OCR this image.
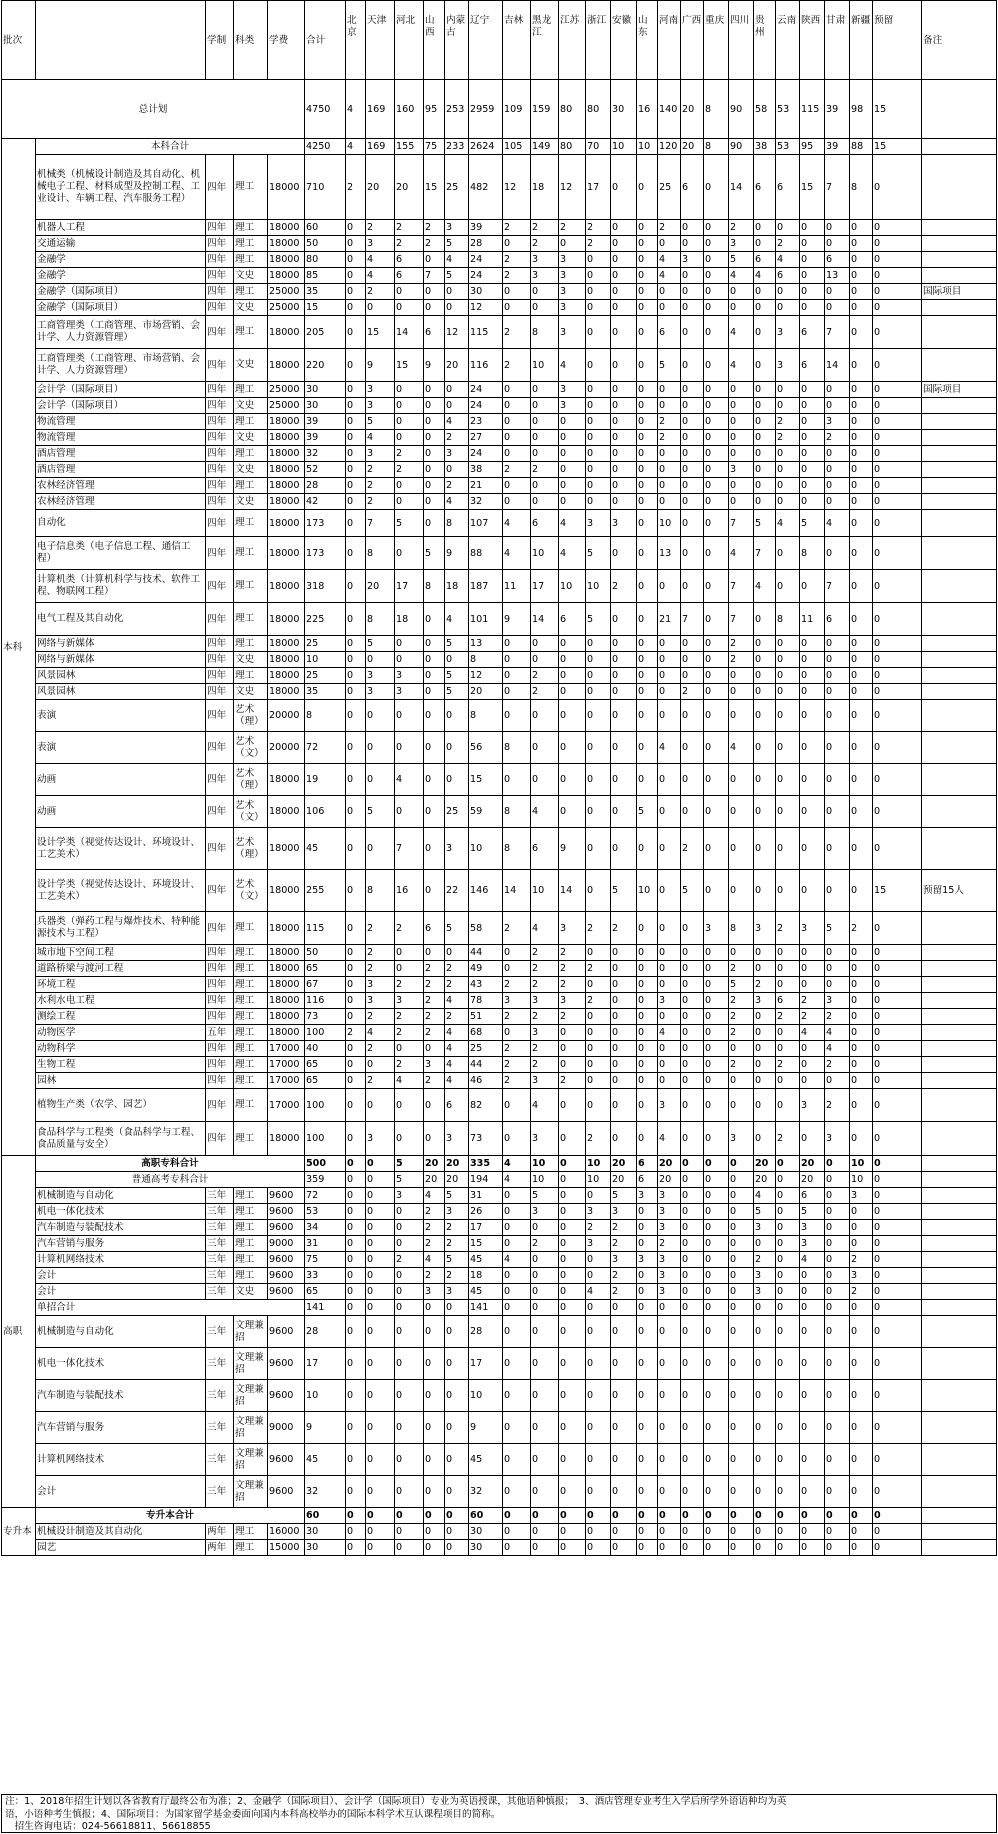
批次		学制	科类	学费	合计	北京	天津	河北	山西	内蒙古	辽宁	吉林	黑龙江	江苏	浙江	安徽	山东	河南	广西	重庆	四川	贵州	云南	陕西	甘肃	新疆	预留	备注
总计划					4750	4	169	160	95	253	2959	109	159	80	80	30	16	140	20	8	90	58	53	115	39	98	15	
本科	本科合计				4250	4	169	155	75	233	2624	105	149	80	70	10	10	120	20	8	90	38	53	95	39	88	15	
	机械类（机械设计制造及其自动化、机械电子工程、材料成型及控制工程、工业设计、车辆工程、汽车服务工程）	四年	理工	18000	710	2	20	20	15	25	482	12	18	12	17	0	0	25	6	0	14	6	6	15	7	8	0	
	机器人工程	四年	理工	18000	60	0	2	2	2	3	39	2	2	2	2	0	0	2	0	0	2	0	0	0	0	0	0	
	交通运输	四年	理工	18000	50	0	3	2	2	5	28	0	2	0	2	0	0	0	0	0	3	0	2	0	0	0	0	
	金融学	四年	理工	18000	80	0	4	6	0	4	24	2	3	3	0	0	0	4	3	0	5	6	4	0	6	0	0	
	金融学	四年	文史	18000	85	0	4	6	7	5	24	2	3	3	0	0	0	4	0	0	4	4	6	0	13	0	0	
	金融学（国际项目）	四年	理工	25000	35	0	2	0	0	0	30	0	0	3	0	0	0	0	0	0	0	0	0	0	0	0	0	国际项目
	金融学（国际项目）	四年	文史	25000	15	0	0	0	0	0	12	0	0	3	0	0	0	0	0	0	0	0	0	0	0	0	0	
	工商管理类（工商管理、市场营销、会计学、人力资源管理）	四年	理工	18000	205	0	15	14	6	12	115	2	8	3	0	0	0	6	0	0	4	0	3	6	7	0	0	
	工商管理类（工商管理、市场营销、会计学、人力资源管理）	四年	文史	18000	220	0	9	15	9	20	116	2	10	4	0	0	0	5	0	0	4	0	3	6	14	0	0	
	会计学（国际项目）	四年	理工	25000	30	0	3	0	0	0	24	0	0	3	0	0	0	0	0	0	0	0	0	0	0	0	0	国际项目
	会计学（国际项目）	四年	文史	25000	30	0	3	0	0	0	24	0	0	3	0	0	0	0	0	0	0	0	0	0	0	0	0	
	物流管理	四年	理工	18000	39	0	5	0	0	4	23	0	0	0	0	0	0	2	0	0	0	0	2	0	3	0	0	
	物流管理	四年	文史	18000	39	0	4	0	0	2	27	0	0	0	0	0	0	2	0	0	0	0	2	0	2	0	0	
	酒店管理	四年	理工	18000	32	0	3	2	0	3	24	0	0	0	0	0	0	0	0	0	0	0	0	0	0	0	0	
	酒店管理	四年	文史	18000	52	0	2	2	0	0	38	2	2	0	0	0	0	0	0	0	3	0	0	0	0	0	0	
	农林经济管理	四年	理工	18000	28	0	2	0	0	2	21	0	0	0	0	0	0	0	0	0	0	0	0	0	0	0	0	
	农林经济管理	四年	文史	18000	42	0	2	0	0	4	32	0	0	0	0	0	0	0	0	0	0	0	0	0	0	0	0	
	自动化	四年	理工	18000	173	0	7	5	0	8	107	4	6	4	3	3	0	10	0	0	7	5	4	5	4	0	0	
	电子信息类（电子信息工程、通信工程）	四年	理工	18000	173	0	8	0	5	9	88	4	10	4	5	0	0	13	0	0	4	7	0	8	0	0	0	
	计算机类（计算机科学与技术、软件工程、物联网工程）	四年	理工	18000	318	0	20	17	8	18	187	11	17	10	10	2	0	0	0	0	7	4	0	0	7	0	0	
	电气工程及其自动化	四年	理工	18000	225	0	8	18	0	4	101	9	14	6	5	0	0	21	7	0	7	0	8	11	6	0	0	
	网络与新媒体	四年	理工	18000	25	0	5	0	0	5	13	0	0	0	0	0	0	0	0	0	2	0	0	0	0	0	0	
	网络与新媒体	四年	文史	18000	10	0	0	0	0	0	8	0	0	0	0	0	0	0	0	0	2	0	0	0	0	0	0	
	风景园林	四年	理工	18000	25	0	3	3	0	5	12	0	2	0	0	0	0	0	0	0	0	0	0	0	0	0	0	
	风景园林	四年	文史	18000	35	0	3	3	0	5	20	0	2	0	0	0	0	0	2	0	0	0	0	0	0	0	0	
	表演	四年	艺术（理）	20000	8	0	0	0	0	0	8	0	0	0	0	0	0	0	0	0	0	0	0	0	0	0	0	
	表演	四年	艺术（文）	20000	72	0	0	0	0	0	56	8	0	0	0	0	0	4	0	0	4	0	0	0	0	0	0	
	动画	四年	艺术（理）	18000	19	0	0	4	0	0	15	0	0	0	0	0	0	0	0	0	0	0	0	0	0	0	0	
	动画	四年	艺术（文）	18000	106	0	5	0	0	25	59	8	4	0	0	0	5	0	0	0	0	0	0	0	0	0	0	
	设计学类（视觉传达设计、环境设计、工艺美术）	四年	艺术（理）	18000	45	0	0	7	0	3	10	8	6	9	0	0	0	0	2	0	0	0	0	0	0	0	0	
	设计学类（视觉传达设计、环境设计、工艺美术）	四年	艺术（文）	18000	255	0	8	16	0	22	146	14	10	14	0	5	10	0	5	0	0	0	0	0	0	0	15	预留15人
	兵器类（弹药工程与爆炸技术、特种能源技术与工程）	四年	理工	18000	115	0	2	2	6	5	58	2	4	3	2	2	0	0	0	3	8	3	2	3	5	2	0	
	城市地下空间工程	四年	理工	18000	50	0	2	0	0	0	44	0	2	2	0	0	0	0	0	0	0	0	0	0	0	0	0	
	道路桥梁与渡河工程	四年	理工	18000	65	0	2	0	2	2	49	0	2	2	2	0	0	0	0	0	2	0	0	0	0	0	0	
	环境工程	四年	理工	18000	67	0	3	2	2	2	43	2	2	2	0	0	0	0	0	0	5	2	0	0	0	0	0	
	水利水电工程	四年	理工	18000	116	0	3	3	2	4	78	3	3	3	2	0	0	3	0	0	2	3	6	2	3	0	0	
	测绘工程	四年	理工	18000	73	0	2	2	2	2	51	2	2	2	0	0	0	0	0	0	2	0	2	2	2	0	0	
	动物医学	五年	理工	18000	100	2	4	2	2	4	68	0	3	0	0	0	0	4	0	0	2	0	0	4	4	0	0	
	动物科学	四年	理工	17000	40	0	2	0	0	4	25	2	2	0	0	0	0	0	0	0	0	0	0	0	4	0	0	
	生物工程	四年	理工	17000	65	0	0	2	3	4	44	2	2	0	0	0	0	0	0	0	2	0	2	0	2	0	0	
	园林	四年	理工	17000	65	0	2	4	2	4	46	2	3	2	0	0	0	0	0	0	0	0	0	0	0	0	0	
	植物生产类（农学、园艺）	四年	理工	17000	100	0	0	0	0	6	82	0	4	0	0	0	0	3	0	0	0	0	0	3	2	0	0	
	食品科学与工程类（食品科学与工程、食品质量与安全）	四年	理工	18000	100	0	3	0	0	3	73	0	3	0	2	0	0	4	0	0	3	0	2	0	3	0	0	
高职	高职专科合计				500	0	0	5	20	20	335	4	10	0	10	20	6	20	0	0	0	20	0	20	0	10	0	
	普通高考专科合计				359	0	0	5	20	20	194	4	10	0	10	20	6	20	0	0	0	20	0	20	0	10	0	
	机械制造与自动化	三年	理工	9600	72	0	0	3	4	5	31	0	5	0	0	5	3	3	0	0	0	4	0	6	0	3	0	
	机电一体化技术	三年	理工	9600	53	0	0	0	2	3	26	0	3	0	3	3	0	3	0	0	0	5	0	5	0	0	0	
	汽车制造与装配技术	三年	理工	9600	34	0	0	0	2	2	17	0	0	0	2	2	0	3	0	0	0	3	0	3	0	0	0	
	汽车营销与服务	三年	理工	9000	31	0	0	0	2	2	15	0	2	0	3	2	0	2	0	0	0	0	0	3	0	0	0	
	计算机网络技术	三年	理工	9600	75	0	0	2	4	5	45	4	0	0	0	3	3	3	0	0	0	2	0	4	0	2	0	
	会计	三年	理工	9600	33	0	0	0	2	2	18	0	0	0	0	2	0	3	0	0	0	3	0	0	0	3	0	
	会计	三年	文史	9600	65	0	0	0	3	3	45	0	0	0	4	2	0	3	0	0	0	3	0	0	0	2	0	
	单招合计				141	0	0	0	0	0	141	0	0	0	0	0	0	0	0	0	0	0	0	0	0	0	0	
	机械制造与自动化	三年	文理兼招	9600	28	0	0	0	0	0	28	0	0	0	0	0	0	0	0	0	0	0	0	0	0	0	0	
	机电一体化技术	三年	文理兼招	9600	17	0	0	0	0	0	17	0	0	0	0	0	0	0	0	0	0	0	0	0	0	0	0	
	汽车制造与装配技术	三年	文理兼招	9600	10	0	0	0	0	0	10	0	0	0	0	0	0	0	0	0	0	0	0	0	0	0	0	
	汽车营销与服务	三年	文理兼招	9000	9	0	0	0	0	0	9	0	0	0	0	0	0	0	0	0	0	0	0	0	0	0	0	
	计算机网络技术	三年	文理兼招	9600	45	0	0	0	0	0	45	0	0	0	0	0	0	0	0	0	0	0	0	0	0	0	0	
	会计	三年	文理兼招	9600	32	0	0	0	0	0	32	0	0	0	0	0	0	0	0	0	0	0	0	0	0	0	0	
专升本	专升本合计				60	0	0	0	0	0	60	0	0	0	0	0	0	0	0	0	0	0	0	0	0	0	0	
	机械设计制造及其自动化	两年	理工	16000	30	0	0	0	0	0	30	0	0	0	0	0	0	0	0	0	0	0	0	0	0	0	0	
	园艺	两年	理工	15000	30	0	0	0	0	0	30	0	0	0	0	0	0	0	0	0	0	0	0	0	0	0	0	
注：1、2018年招生计划以各省教育厅最终公布为准；2、金融学（国际项目）、会计学（国际项目）专业为英语授课，其他语种慎报；　3、酒店管理专业考生入学后所学外语语种均为英
语，小语种考生慎报；4、国际项目：为国家留学基金委面向国内本科高校举办的国际本科学术互认课程项目的简称。
　招生咨询电话：024-56618811、56618855
